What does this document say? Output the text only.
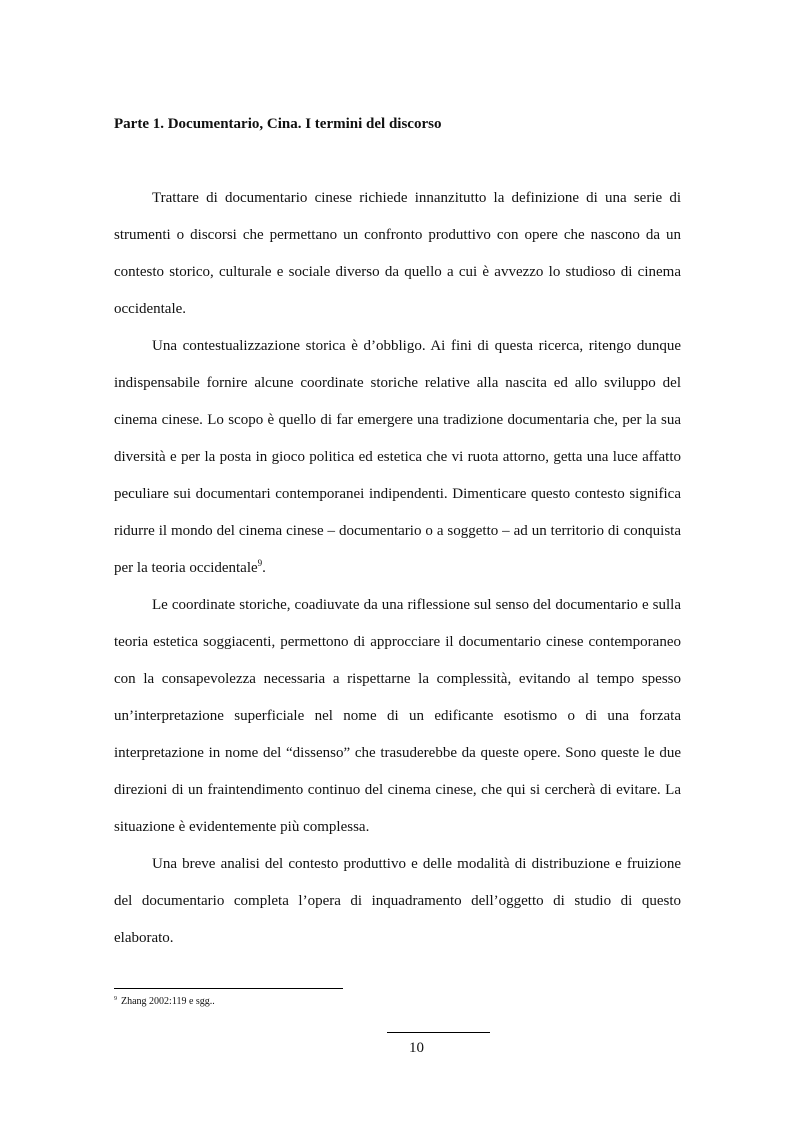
Parte 1. Documentario, Cina. I termini del discorso

Trattare di documentario cinese richiede innanzitutto la definizione di una serie di strumenti o discorsi che permettano un confronto produttivo con opere che nascono da un contesto storico, culturale e sociale diverso da quello a cui è avvezzo lo studioso di cinema occidentale.

Una contestualizzazione storica è d’obbligo. Ai fini di questa ricerca, ritengo dunque indispensabile fornire alcune coordinate storiche relative alla nascita ed allo sviluppo del cinema cinese. Lo scopo è quello di far emergere una tradizione documentaria che, per la sua diversità e per la posta in gioco politica ed estetica che vi ruota attorno, getta una luce affatto peculiare sui documentari contemporanei indipendenti. Dimenticare questo contesto significa ridurre il mondo del cinema cinese – documentario o a soggetto – ad un territorio di conquista per la teoria occidentale$^9$.

Le coordinate storiche, coadiuvate da una riflessione sul senso del documentario e sulla teoria estetica soggiacenti, permettono di approcciare il documentario cinese contemporaneo con la consapevolezza necessaria a rispettarne la complessità, evitando al tempo spesso un’interpretazione superficiale nel nome di un edificante esotismo o di una forzata interpretazione in nome del “dissenso” che trasuderebbe da queste opere. Sono queste le due direzioni di un fraintendimento continuo del cinema cinese, che qui si cercherà di evitare. La situazione è evidentemente più complessa.

Una breve analisi del contesto produttivo e delle modalità di distribuzione e fruizione del documentario completa l’opera di inquadramento dell’oggetto di studio di questo elaborato.

$^9$ Zhang 2002:119 e sgg..
10
